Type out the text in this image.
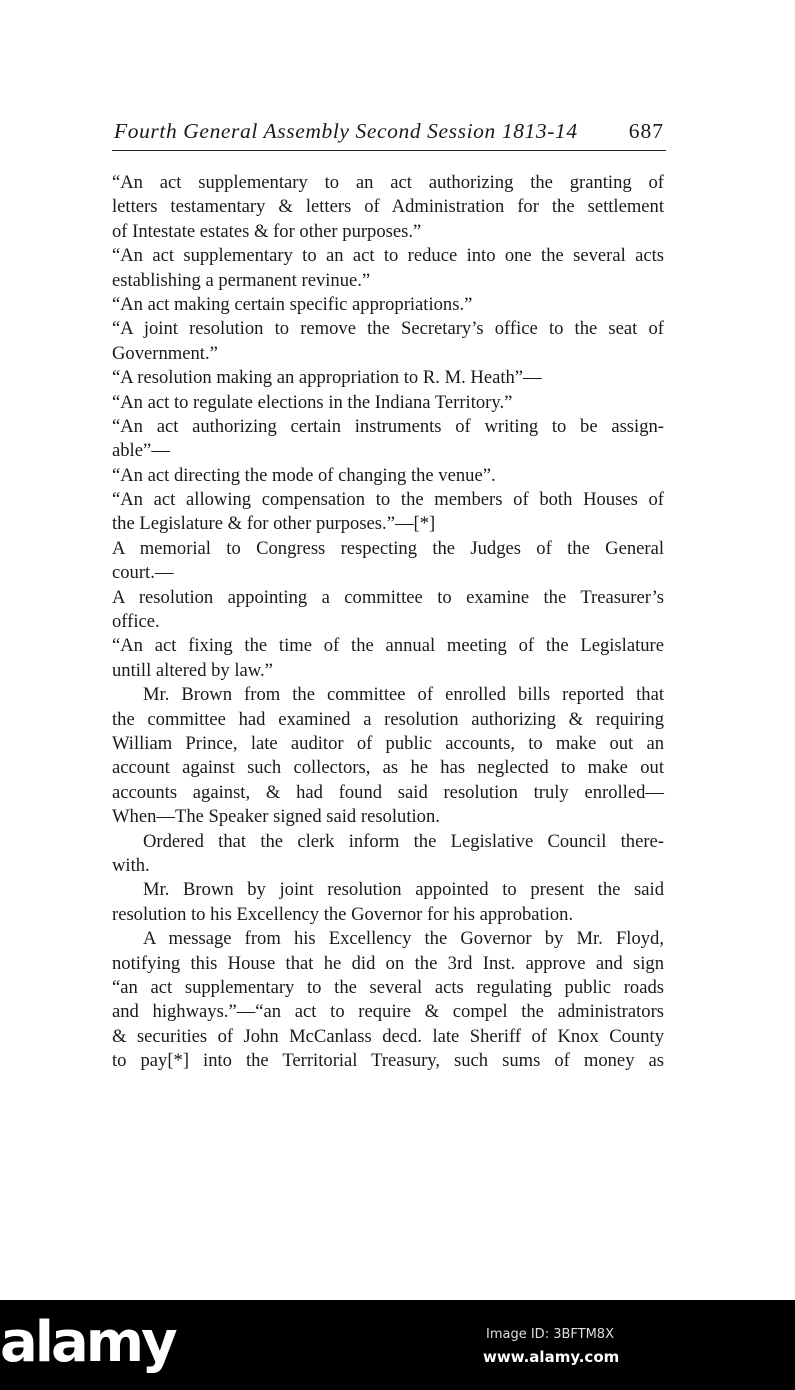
Fourth General Assembly Second Session 1813-14 687
“An act supplementary to an act authorizing the granting of
letters testamentary & letters of Administration for the settlement
of Intestate estates & for other purposes.”
“An act supplementary to an act to reduce into one the several acts
establishing a permanent revinue.”
“An act making certain specific appropriations.”
“A joint resolution to remove the Secretary’s office to the seat of
Government.”
“A resolution making an appropriation to R. M. Heath”—
“An act to regulate elections in the Indiana Territory.”
“An act authorizing certain instruments of writing to be assign-
able”—
“An act directing the mode of changing the venue”.
“An act allowing compensation to the members of both Houses of
the Legislature & for other purposes.”—[*]
A memorial to Congress respecting the Judges of the General
court.—
A resolution appointing a committee to examine the Treasurer’s
office.
“An act fixing the time of the annual meeting of the Legislature
untill altered by law.”
Mr. Brown from the committee of enrolled bills reported that
the committee had examined a resolution authorizing & requiring
William Prince, late auditor of public accounts, to make out an
account against such collectors, as he has neglected to make out
accounts against, & had found said resolution truly enrolled—
When—The Speaker signed said resolution.
Ordered that the clerk inform the Legislative Council there-
with.
Mr. Brown by joint resolution appointed to present the said
resolution to his Excellency the Governor for his approbation.
A message from his Excellency the Governor by Mr. Floyd,
notifying this House that he did on the 3rd Inst. approve and sign
“an act supplementary to the several acts regulating public roads
and highways.”—“an act to require & compel the administrators
& securities of John McCanlass decd. late Sheriff of Knox County
to pay[*] into the Territorial Treasury, such sums of money as
alamy	Image ID: 3BFTM8X
www.alamy.com
